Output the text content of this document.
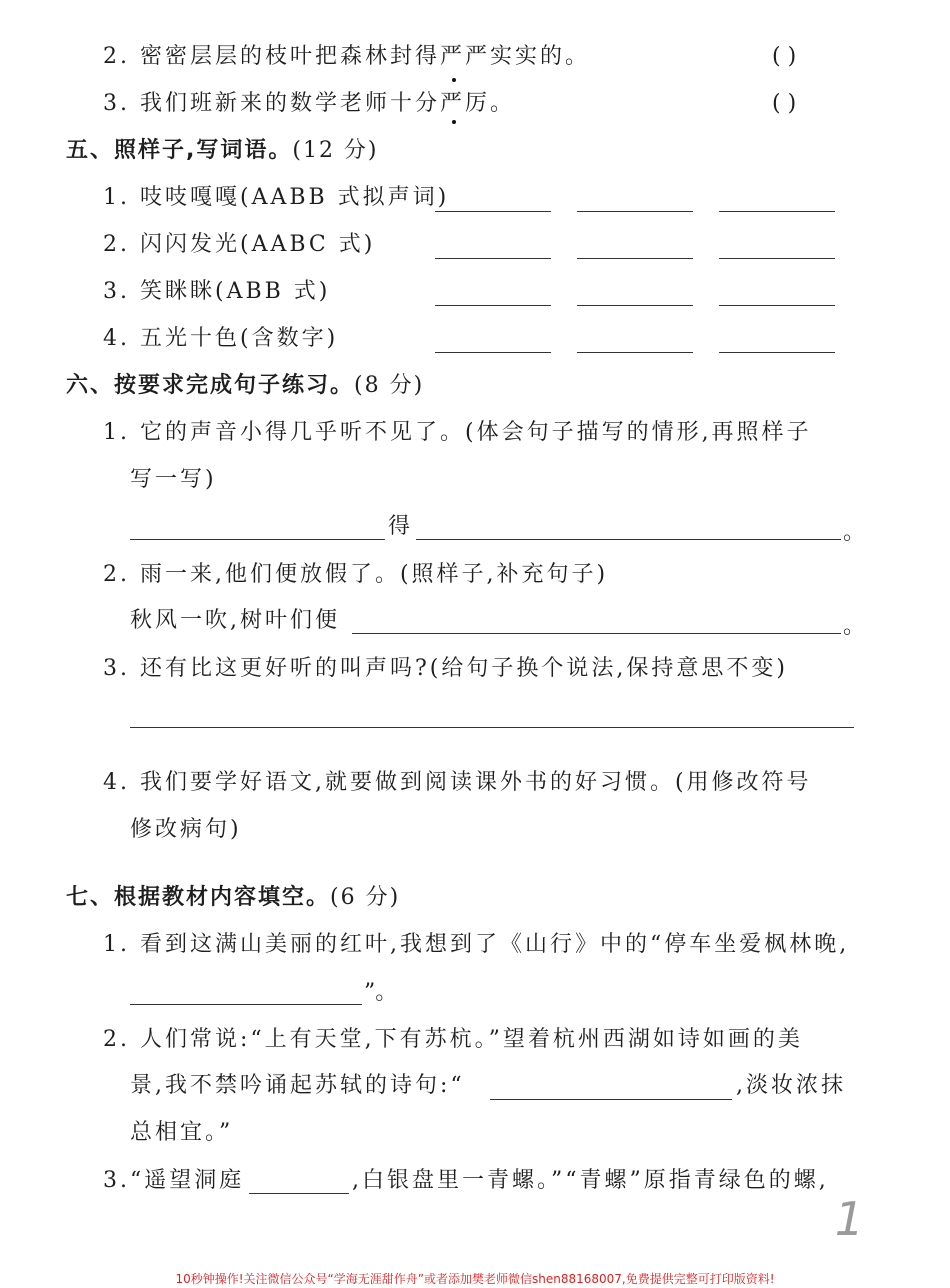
2. 密密层层的枝叶把森林封得严严实实的。	( )
3. 我们班新来的数学老师十分严厉。	( )
五、照样子,写词语。(12 分)
1. 吱吱嘎嘎(AABB 式拟声词)
2. 闪闪发光(AABC 式)
3. 笑眯眯(ABB 式)
4. 五光十色(含数字)
六、按要求完成句子练习。(8 分)
1. 它的声音小得几乎听不见了。(体会句子描写的情形,再照样子
写一写)
得	。
2. 雨一来,他们便放假了。(照样子,补充句子)
秋风一吹,树叶们便	。
3. 还有比这更好听的叫声吗?(给句子换个说法,保持意思不变)
4. 我们要学好语文,就要做到阅读课外书的好习惯。(用修改符号
修改病句)
七、根据教材内容填空。(6 分)
1. 看到这满山美丽的红叶,我想到了《山行》中的“停车坐爱枫林晚,
”。
2. 人们常说:“上有天堂,下有苏杭。”望着杭州西湖如诗如画的美
景,我不禁吟诵起苏轼的诗句:“	,淡妆浓抹
总相宜。”
3.“遥望洞庭	,白银盘里一青螺。”“青螺”原指青绿色的螺,
1
10秒钟操作!关注微信公众号“学海无涯甜作舟”或者添加樊老师微信shen88168007,免费提供完整可打印版资料!
